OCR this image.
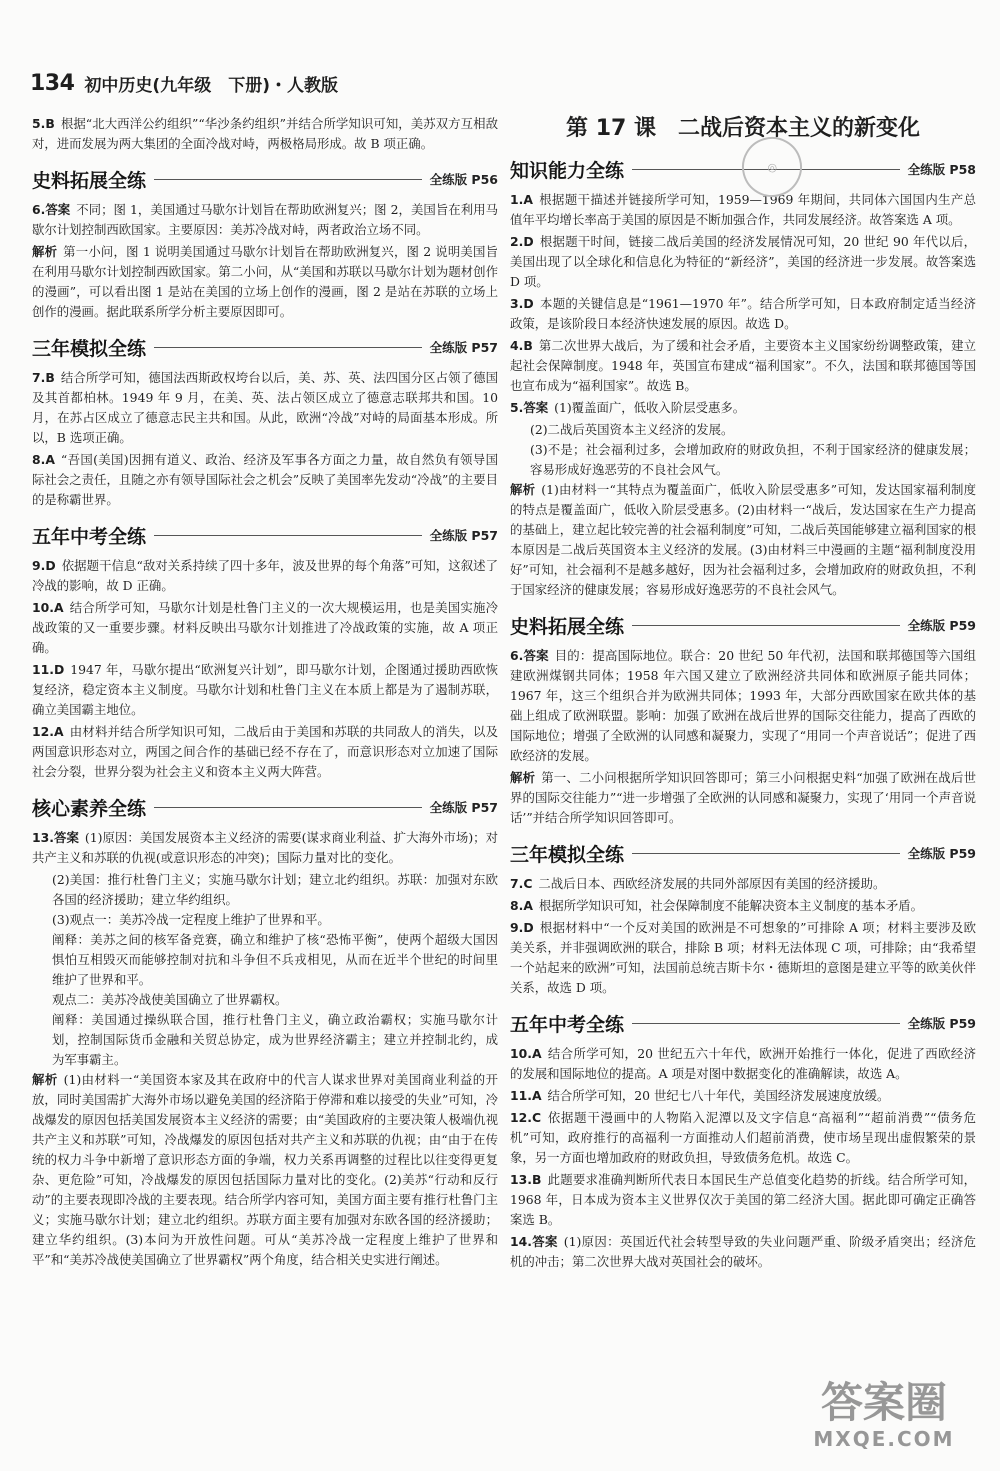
134 初中历史(九年级　下册)・人教版
5.B 根据“北大西洋公约组织”“华沙条约组织”并结合所学知识可知，美苏双方互相敌对，进而发展为两大集团的全面冷战对峙，两极格局形成。故 B 项正确。
史料拓展全练	全练版 P56
6.答案 不同；图 1，美国通过马歇尔计划旨在帮助欧洲复兴；图 2，美国旨在利用马歇尔计划控制西欧国家。主要原因：美苏冷战对峙，两者政治立场不同。
解析 第一小问，图 1 说明美国通过马歇尔计划旨在帮助欧洲复兴，图 2 说明美国旨在利用马歇尔计划控制西欧国家。第二小问，从“美国和苏联以马歇尔计划为题材创作的漫画”，可以看出图 1 是站在美国的立场上创作的漫画，图 2 是站在苏联的立场上创作的漫画。据此联系所学分析主要原因即可。
三年模拟全练	全练版 P57
7.B 结合所学可知，德国法西斯政权垮台以后，美、苏、英、法四国分区占领了德国及其首都柏林。1949 年 9 月，在美、英、法占领区成立了德意志联邦共和国。10 月，在苏占区成立了德意志民主共和国。从此，欧洲“冷战”对峙的局面基本形成。所以，B 选项正确。
8.A “吾国(美国)因拥有道义、政治、经济及军事各方面之力量，故自然负有领导国际社会之责任，且随之亦有领导国际社会之机会”反映了美国率先发动“冷战”的主要目的是称霸世界。
五年中考全练	全练版 P57
9.D 依据题干信息“敌对关系持续了四十多年，波及世界的每个角落”可知，这叙述了冷战的影响，故 D 正确。
10.A 结合所学可知，马歇尔计划是杜鲁门主义的一次大规模运用，也是美国实施冷战政策的又一重要步骤。材料反映出马歇尔计划推进了冷战政策的实施，故 A 项正确。
11.D 1947 年，马歇尔提出“欧洲复兴计划”，即马歇尔计划，企图通过援助西欧恢复经济，稳定资本主义制度。马歇尔计划和杜鲁门主义在本质上都是为了遏制苏联，确立美国霸主地位。
12.A 由材料并结合所学知识可知，二战后由于美国和苏联的共同敌人的消失，以及两国意识形态对立，两国之间合作的基础已经不存在了，而意识形态对立加速了国际社会分裂，世界分裂为社会主义和资本主义两大阵营。
核心素养全练	全练版 P57
13.答案 (1)原因：美国发展资本主义经济的需要(谋求商业利益、扩大海外市场)；对共产主义和苏联的仇视(或意识形态的冲突)；国际力量对比的变化。
(2)美国：推行杜鲁门主义；实施马歇尔计划；建立北约组织。苏联：加强对东欧各国的经济援助；建立华约组织。
(3)观点一：美苏冷战一定程度上维护了世界和平。
阐释：美苏之间的核军备竞赛，确立和维护了核“恐怖平衡”，使两个超级大国因惧怕互相毁灭而能够控制对抗和斗争但不兵戎相见，从而在近半个世纪的时间里维护了世界和平。
观点二：美苏冷战使美国确立了世界霸权。
阐释：美国通过操纵联合国，推行杜鲁门主义，确立政治霸权；实施马歇尔计划，控制国际货币金融和关贸总协定，成为世界经济霸主；建立并控制北约，成为军事霸主。
解析 (1)由材料一“美国资本家及其在政府中的代言人谋求世界对美国商业利益的开放，同时美国需扩大海外市场以避免美国的经济陷于停滞和难以接受的失业”可知，冷战爆发的原因包括美国发展资本主义经济的需要；由“美国政府的主要决策人极端仇视共产主义和苏联”可知，冷战爆发的原因包括对共产主义和苏联的仇视；由“由于在传统的权力斗争中新增了意识形态方面的争端，权力关系再调整的过程比以往变得更复杂、更危险”可知，冷战爆发的原因包括国际力量对比的变化。(2)美苏“行动和反行动”的主要表现即冷战的主要表现。结合所学内容可知，美国方面主要有推行杜鲁门主义；实施马歇尔计划；建立北约组织。苏联方面主要有加强对东欧各国的经济援助；建立华约组织。(3)本问为开放性问题。可从“美苏冷战一定程度上维护了世界和平”和“美苏冷战使美国确立了世界霸权”两个角度，结合相关史实进行阐述。
第 17 课　二战后资本主义的新变化
知识能力全练	全练版 P58
1.A 根据题干描述并链接所学可知，1959—1969 年期间，共同体六国国内生产总值年平均增长率高于美国的原因是不断加强合作，共同发展经济。故答案选 A 项。
2.D 根据题干时间，链接二战后美国的经济发展情况可知，20 世纪 90 年代以后，美国出现了以全球化和信息化为特征的“新经济”，美国的经济进一步发展。故答案选 D 项。
3.D 本题的关键信息是“1961—1970 年”。结合所学可知，日本政府制定适当经济政策，是该阶段日本经济快速发展的原因。故选 D。
4.B 第二次世界大战后，为了缓和社会矛盾，主要资本主义国家纷纷调整政策，建立起社会保障制度。1948 年，英国宣布建成“福利国家”。不久，法国和联邦德国等国也宣布成为“福利国家”。故选 B。
5.答案 (1)覆盖面广，低收入阶层受惠多。
(2)二战后英国资本主义经济的发展。
(3)不是；社会福利过多，会增加政府的财政负担，不利于国家经济的健康发展；容易形成好逸恶劳的不良社会风气。
解析 (1)由材料一“其特点为覆盖面广，低收入阶层受惠多”可知，发达国家福利制度的特点是覆盖面广，低收入阶层受惠多。(2)由材料一“战后，发达国家在生产力提高的基础上，建立起比较完善的社会福利制度”可知，二战后英国能够建立福利国家的根本原因是二战后英国资本主义经济的发展。(3)由材料三中漫画的主题“福利制度没用好”可知，社会福利不是越多越好，因为社会福利过多，会增加政府的财政负担，不利于国家经济的健康发展；容易形成好逸恶劳的不良社会风气。
史料拓展全练	全练版 P59
6.答案 目的：提高国际地位。联合：20 世纪 50 年代初，法国和联邦德国等六国组建欧洲煤钢共同体；1958 年六国又建立了欧洲经济共同体和欧洲原子能共同体；1967 年，这三个组织合并为欧洲共同体；1993 年，大部分西欧国家在欧共体的基础上组成了欧洲联盟。影响：加强了欧洲在战后世界的国际交往能力，提高了西欧的国际地位；增强了全欧洲的认同感和凝聚力，实现了“用同一个声音说话”；促进了西欧经济的发展。
解析 第一、二小问根据所学知识回答即可；第三小问根据史料“加强了欧洲在战后世界的国际交往能力”“进一步增强了全欧洲的认同感和凝聚力，实现了‘用同一个声音说话’”并结合所学知识回答即可。
三年模拟全练	全练版 P59
7.C 二战后日本、西欧经济发展的共同外部原因有美国的经济援助。
8.A 根据所学知识可知，社会保障制度不能解决资本主义制度的基本矛盾。
9.D 根据材料中“一个反对美国的欧洲是不可想象的”可排除 A 项；材料主要涉及欧美关系，并非强调欧洲的联合，排除 B 项；材料无法体现 C 项，可排除；由“我希望一个站起来的欧洲”可知，法国前总统吉斯卡尔・德斯坦的意图是建立平等的欧美伙伴关系，故选 D 项。
五年中考全练	全练版 P59
10.A 结合所学可知，20 世纪五六十年代，欧洲开始推行一体化，促进了西欧经济的发展和国际地位的提高。A 项是对图中数据变化的准确解读，故选 A。
11.A 结合所学可知，20 世纪七八十年代，美国经济发展速度放缓。
12.C 依据题干漫画中的人物陷入泥潭以及文字信息“高福利”“超前消费”“债务危机”可知，政府推行的高福利一方面推动人们超前消费，使市场呈现出虚假繁荣的景象，另一方面也增加政府的财政负担，导致债务危机。故选 C。
13.B 此题要求准确判断所代表日本国民生产总值变化趋势的折线。结合所学可知，1968 年，日本成为资本主义世界仅次于美国的第二经济大国。据此即可确定正确答案选 B。
14.答案 (1)原因：英国近代社会转型导致的失业问题严重、阶级矛盾突出；经济危机的冲击；第二次世界大战对英国社会的破坏。
◎
答案圈
MXQE.COM
